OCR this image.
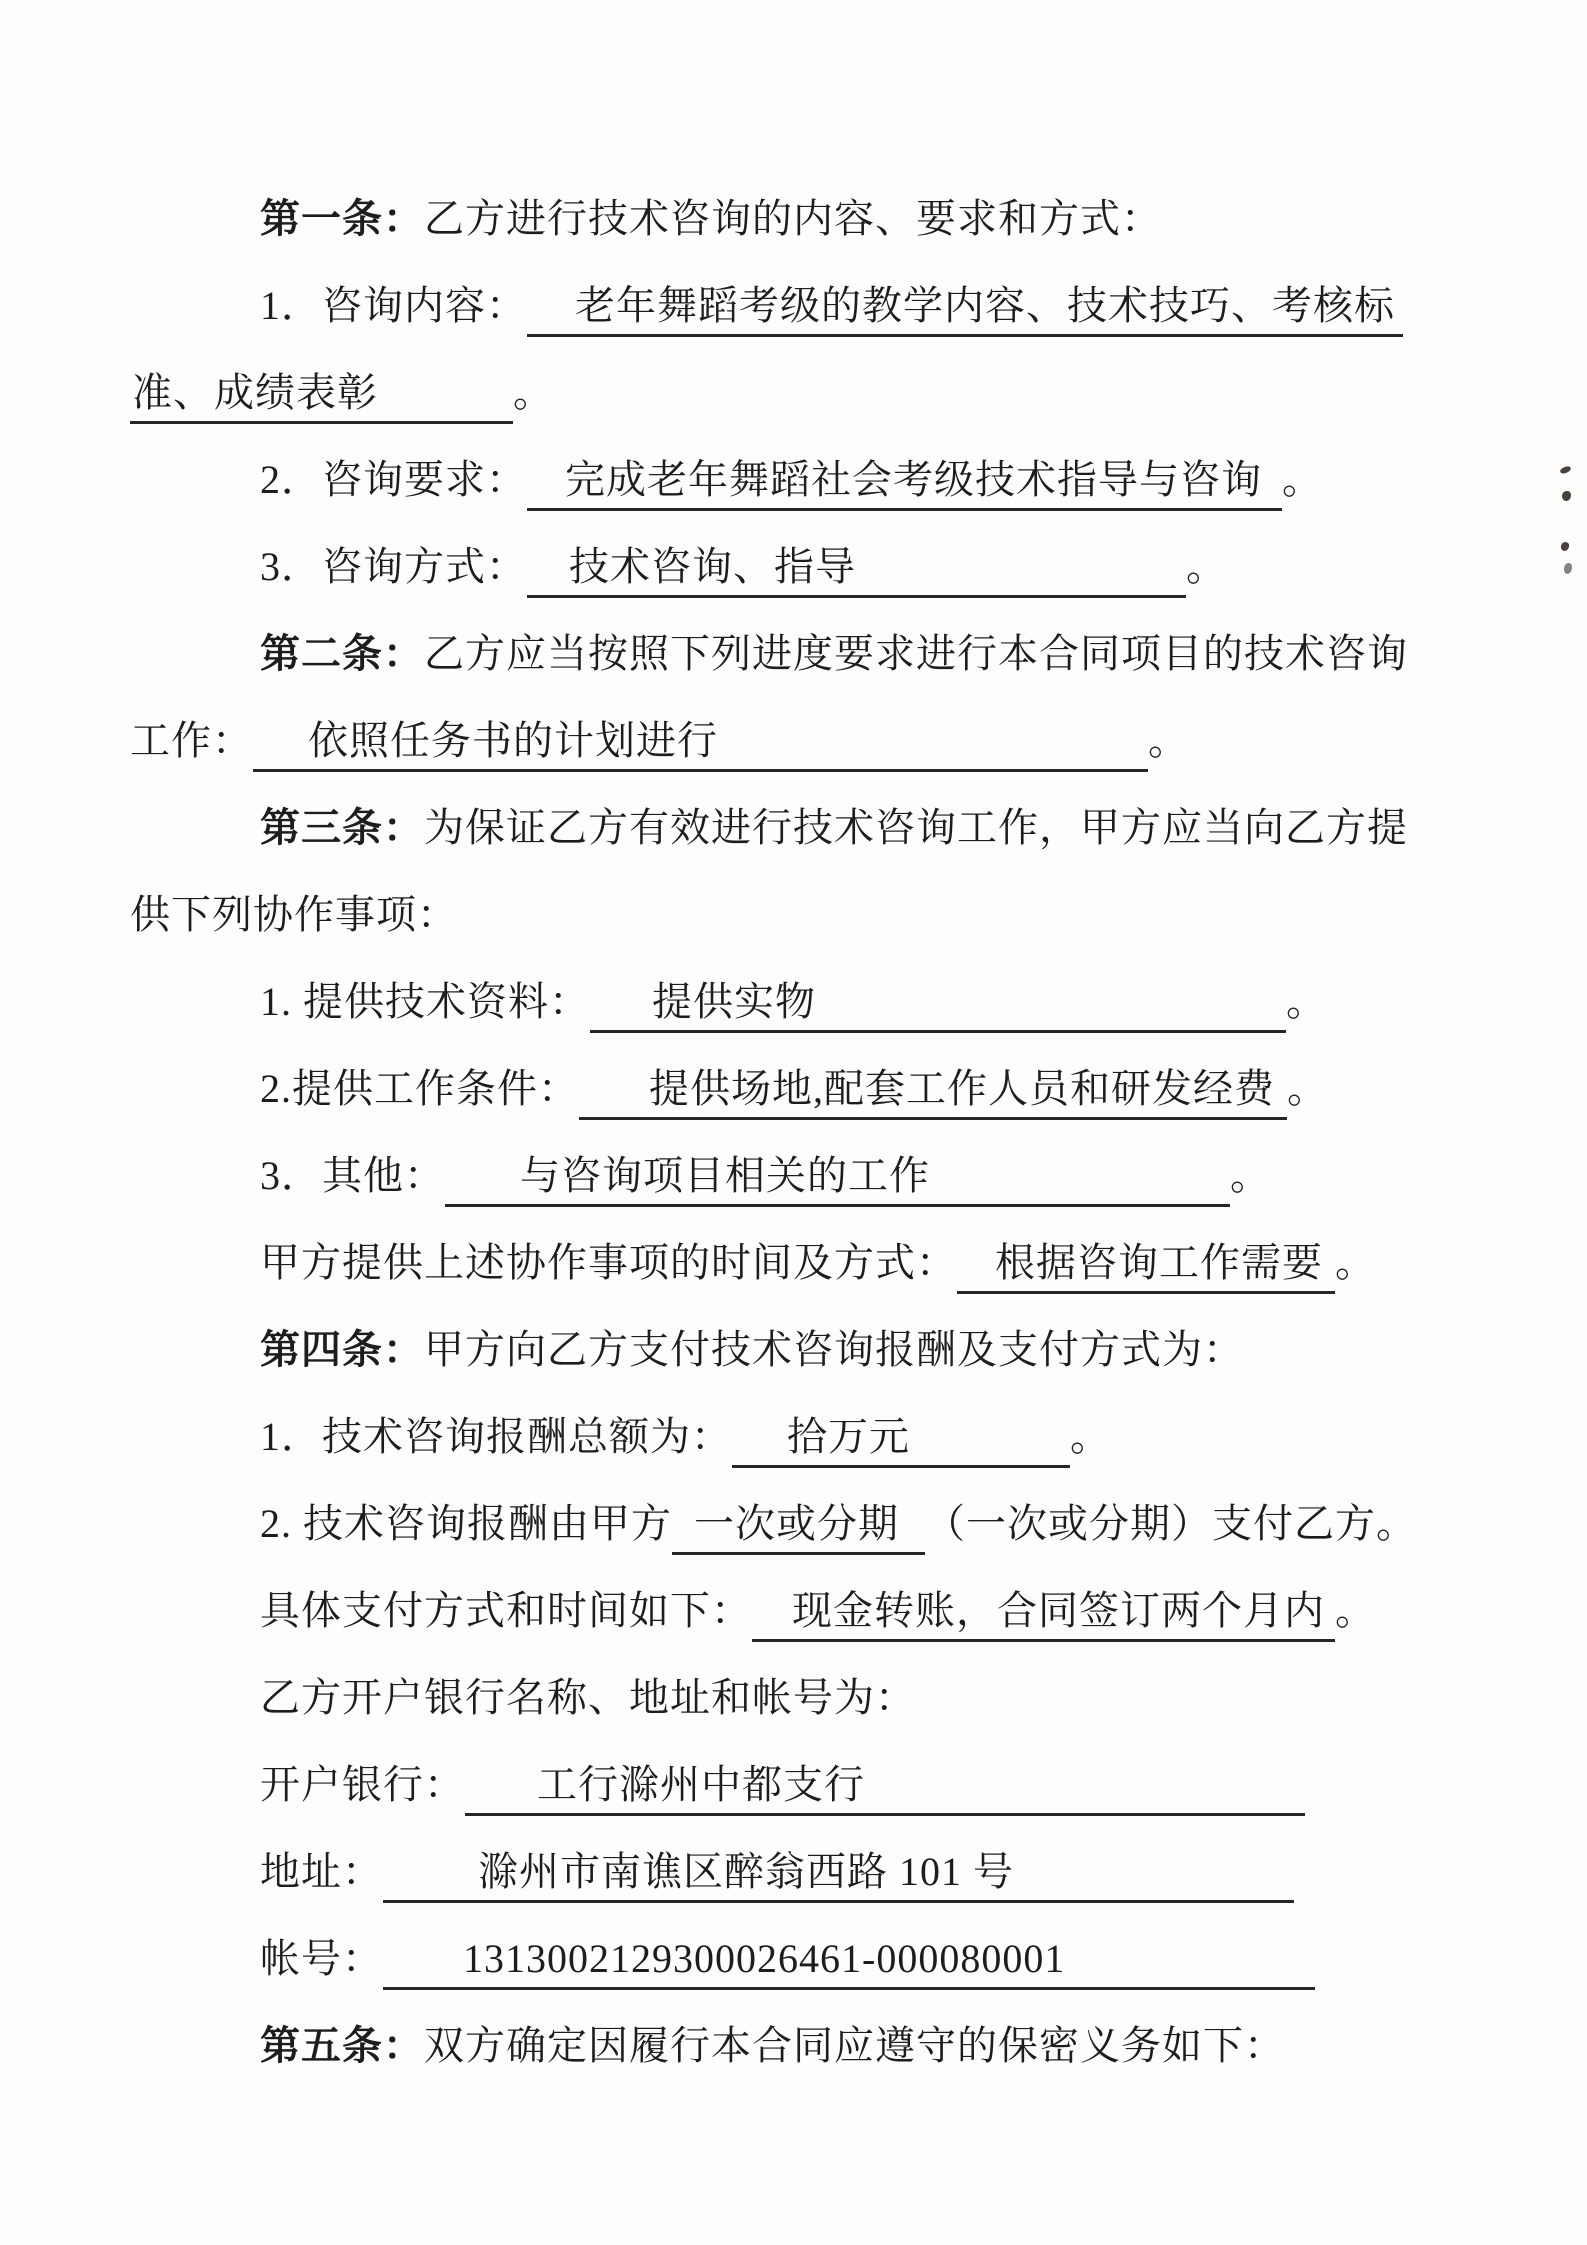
第一条：乙方进行技术咨询的内容、要求和方式：
1．咨询内容： 老年舞蹈考级的教学内容、技术技巧、考核标
准、成绩表彰	。
2．咨询要求： 完成老年舞蹈社会考级技术指导与咨询 。
3．咨询方式： 技术咨询、指导	。
第二条：乙方应当按照下列进度要求进行本合同项目的技术咨询
工作： 依照任务书的计划进行	。
第三条：为保证乙方有效进行技术咨询工作，甲方应当向乙方提
供下列协作事项：
1. 提供技术资料： 提供实物	。
2.提供工作条件： 提供场地,配套工作人员和研发经费 。
3．其他： 与咨询项目相关的工作	。
甲方提供上述协作事项的时间及方式： 根据咨询工作需要 。
第四条：甲方向乙方支付技术咨询报酬及支付方式为：
1．技术咨询报酬总额为： 拾万元	。
2. 技术咨询报酬由甲方 一次或分期 （一次或分期）支付乙方。
具体支付方式和时间如下： 现金转账，合同签订两个月内 。
乙方开户银行名称、地址和帐号为：
开户银行： 工行滁州中都支行
地址： 滁州市南谯区醉翁西路 101 号
帐号： 1313002129300026461-000080001
第五条：双方确定因履行本合同应遵守的保密义务如下：
